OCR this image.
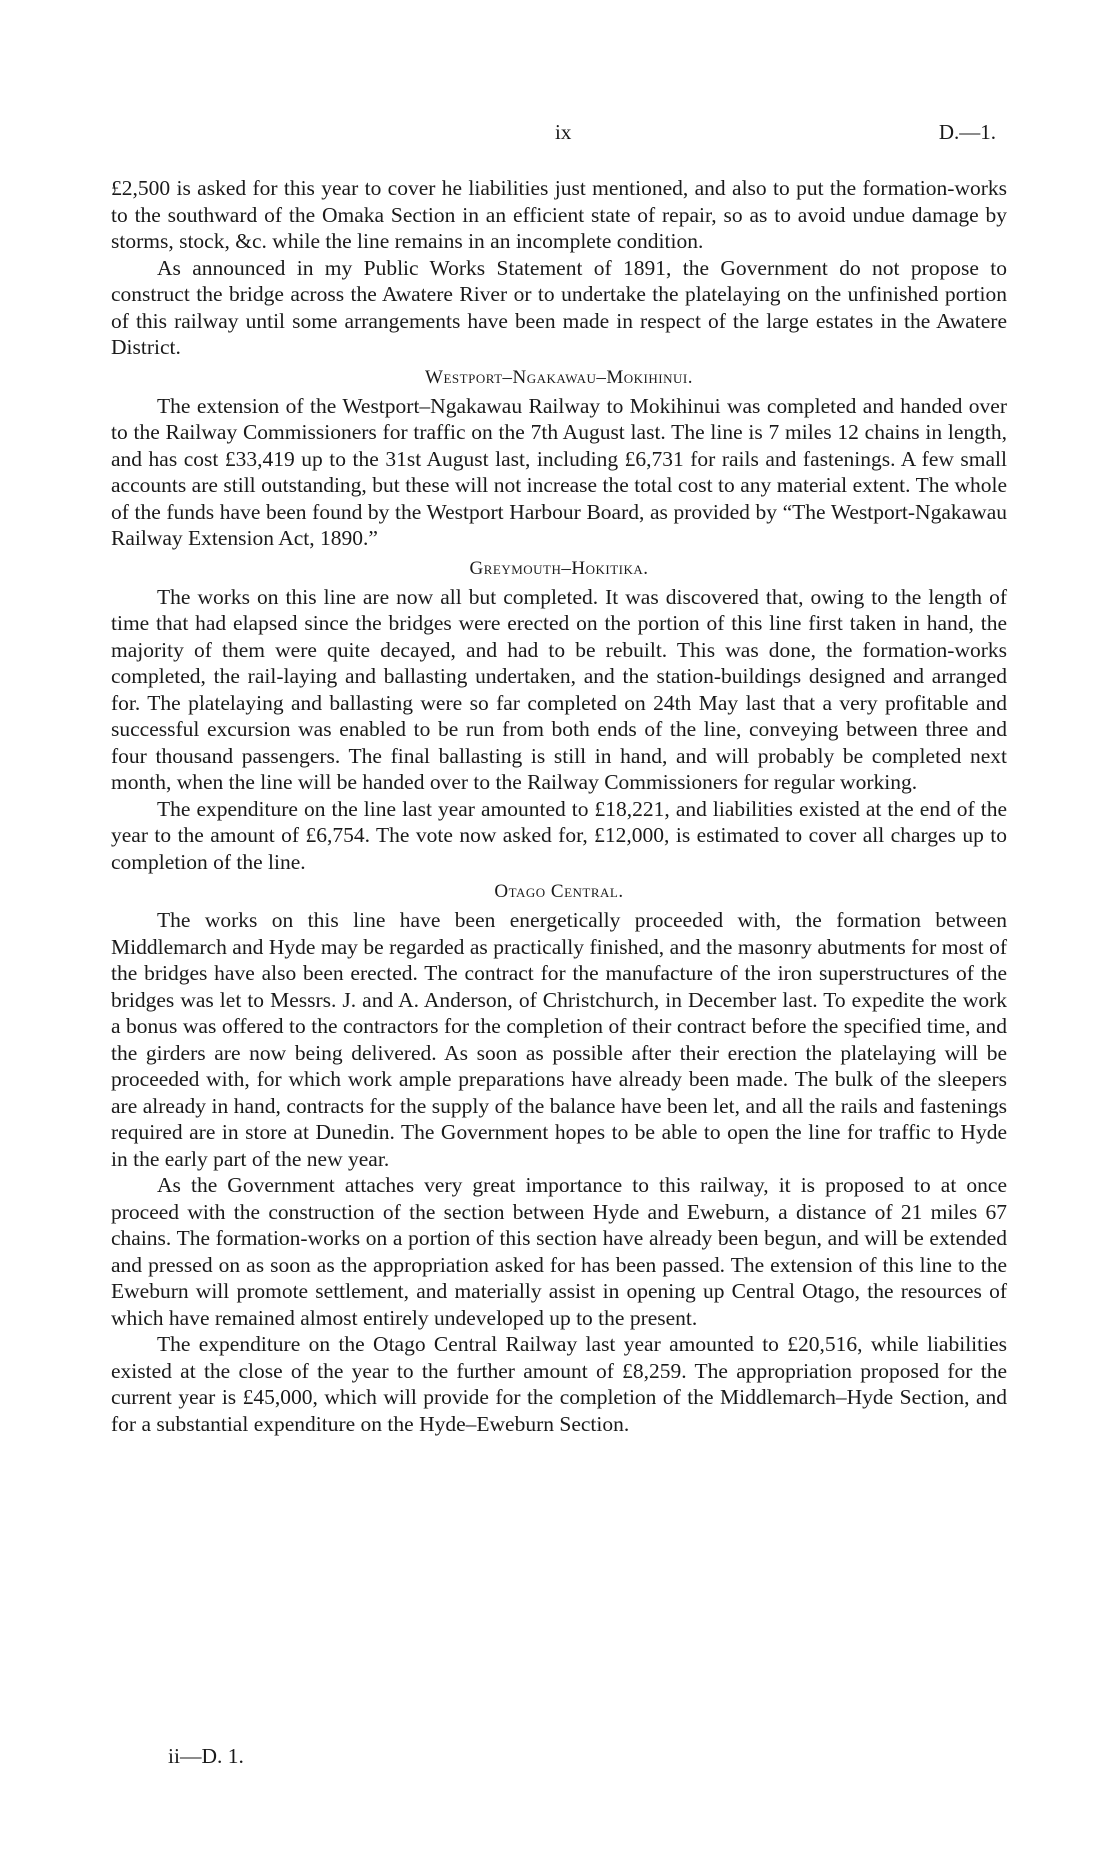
ix	D.—1.

£2,500 is asked for this year to cover he liabilities just mentioned, and also to put the formation-works to the southward of the Omaka Section in an efficient state of repair, so as to avoid undue damage by storms, stock, &c. while the line remains in an incomplete condition.

As announced in my Public Works Statement of 1891, the Government do not propose to construct the bridge across the Awatere River or to undertake the platelaying on the unfinished portion of this railway until some arrangements have been made in respect of the large estates in the Awatere District.

Westport–Ngakawau–Mokihinui.

The extension of the Westport–Ngakawau Railway to Mokihinui was completed and handed over to the Railway Commissioners for traffic on the 7th August last. The line is 7 miles 12 chains in length, and has cost £33,419 up to the 31st August last, including £6,731 for rails and fastenings. A few small accounts are still outstanding, but these will not increase the total cost to any material extent. The whole of the funds have been found by the Westport Harbour Board, as provided by “The Westport-Ngakawau Railway Extension Act, 1890.”

Greymouth–Hokitika.

The works on this line are now all but completed. It was discovered that, owing to the length of time that had elapsed since the bridges were erected on the portion of this line first taken in hand, the majority of them were quite decayed, and had to be rebuilt. This was done, the formation-works completed, the rail-laying and ballasting undertaken, and the station-buildings designed and arranged for. The platelaying and ballasting were so far completed on 24th May last that a very profitable and successful excursion was enabled to be run from both ends of the line, conveying between three and four thousand passengers. The final ballasting is still in hand, and will probably be completed next month, when the line will be handed over to the Railway Commissioners for regular working.

The expenditure on the line last year amounted to £18,221, and liabilities existed at the end of the year to the amount of £6,754. The vote now asked for, £12,000, is estimated to cover all charges up to completion of the line.

Otago Central.

The works on this line have been energetically proceeded with, the formation between Middlemarch and Hyde may be regarded as practically finished, and the masonry abutments for most of the bridges have also been erected. The contract for the manufacture of the iron superstructures of the bridges was let to Messrs. J. and A. Anderson, of Christchurch, in December last. To expedite the work a bonus was offered to the contractors for the completion of their contract before the specified time, and the girders are now being delivered. As soon as possible after their erection the platelaying will be proceeded with, for which work ample preparations have already been made. The bulk of the sleepers are already in hand, contracts for the supply of the balance have been let, and all the rails and fastenings required are in store at Dunedin. The Government hopes to be able to open the line for traffic to Hyde in the early part of the new year.

As the Government attaches very great importance to this railway, it is proposed to at once proceed with the construction of the section between Hyde and Eweburn, a distance of 21 miles 67 chains. The formation-works on a portion of this section have already been begun, and will be extended and pressed on as soon as the appropriation asked for has been passed. The extension of this line to the Eweburn will promote settlement, and materially assist in opening up Central Otago, the resources of which have remained almost entirely undeveloped up to the present.

The expenditure on the Otago Central Railway last year amounted to £20,516, while liabilities existed at the close of the year to the further amount of £8,259. The appropriation proposed for the current year is £45,000, which will provide for the completion of the Middlemarch–Hyde Section, and for a substantial expenditure on the Hyde–Eweburn Section.

ii—D. 1.
